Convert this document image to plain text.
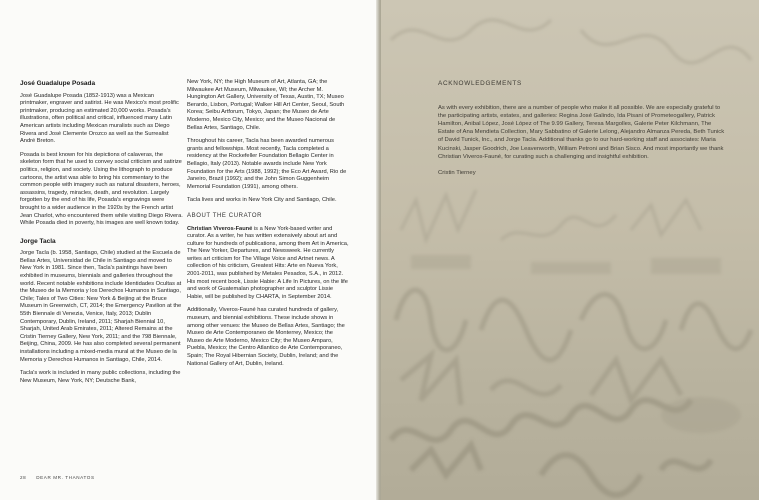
José Guadalupe Posada

José Guadalupe Posada (1852-1913) was a Mexican printmaker, engraver and satirist. He was Mexico's most prolific printmaker, producing an estimated 20,000 works. Posada's illustrations, often political and critical, influenced many Latin American artists including Mexican muralists such as Diego Rivera and José Clemente Orozco as well as the Surrealist André Breton.

Posada is best known for his depictions of calaveras, the skeleton form that he used to convey social criticism and satirize politics, religion, and society. Using the lithograph to produce cartoons, the artist was able to bring his commentary to the common people with imagery such as natural disasters, heroes, assassins, tragedy, miracles, death, and revolution. Largely forgotten by the end of his life, Posada's engravings were brought to a wider audience in the 1920s by the French artist Jean Charlot, who encountered them while visiting Diego Rivera. While Posada died in poverty, his images are well known today.

Jorge Tacla

Jorge Tacla (b. 1958, Santiago, Chile) studied at the Escuela de Bellas Artes, Universidad de Chile in Santiago and moved to New York in 1981. Since then, Tacla's paintings have been exhibited in museums, biennials and galleries throughout the world. Recent notable exhibitions include Identidades Ocultas at the Museo de la Memoria y los Derechos Humanos in Santiago, Chile; Tales of Two Cities: New York & Beijing at the Bruce Museum in Greenwich, CT, 2014; the Emergency Pavilion at the 55th Biennale di Venezia, Venice, Italy, 2013; Dublin Contemporary, Dublin, Ireland, 2011; Sharjah Biennial 10, Sharjah, United Arab Emirates, 2011; Altered Remains at the Cristin Tierney Gallery, New York, 2011; and the 798 Biennale, Beijing, China, 2009. He has also completed several permanent installations including a mixed-media mural at the Museo de la Memoria y Derechos Humanos in Santiago, Chile, 2014.

Tacla's work is included in many public collections, including the New Museum, New York, NY; Deutsche Bank,

New York, NY; the High Museum of Art, Atlanta, GA; the Milwaukee Art Museum, Milwaukee, WI; the Archer M. Hungington Art Gallery, University of Texas, Austin, TX; Museo Berardo, Lisbon, Portugal; Walker Hill Art Center, Seoul, South Korea; Seibu Artforum, Tokyo, Japan; the Museo de Arte Moderno, Mexico City, Mexico; and the Museo Nacional de Bellas Artes, Santiago, Chile.

Throughout his career, Tacla has been awarded numerous grants and fellowships. Most recently, Tacla completed a residency at the Rockefeller Foundation Bellagio Center in Bellagio, Italy (2013). Notable awards include New York Foundation for the Arts (1988, 1992); the Eco Art Award, Rio de Janeiro, Brazil (1992); and the John Simon Guggenheim Memorial Foundation (1991), among others.

Tacla lives and works in New York City and Santiago, Chile.

ABOUT THE CURATOR

Christian Viveros-Fauné is a New York-based writer and curator. As a writer, he has written extensively about art and culture for hundreds of publications, among them Art in America, The New Yorker, Departures, and Newsweek. He currently writes art criticism for The Village Voice and Artnet news. A collection of his criticism, Greatest Hits: Arte en Nueva York, 2001-2011, was published by Metales Pesados, S.A., in 2012. His most recent book, Lissie Habie: A Life In Pictures, on the life and work of Guatemalan photographer and sculptor Lissie Habie, will be published by CHARTA, in September 2014.

Additionally, Viveros-Fauné has curated hundreds of gallery, museum, and biennial exhibitions. These include shows in among other venues: the Museo de Bellas Artes, Santiago; the Museo de Arte Contemporaneo de Monterrey, Mexico; the Museo de Arte Moderno, Mexico City; the Museo Amparo, Puebla, Mexico; the Centro Atlantico de Arte Contemporaneo, Spain; The Royal Hibernian Society, Dublin, Ireland; and the National Gallery of Art, Dublin, Ireland.

28 DEAR MR. THANATOS
ACKNOWLEDGEMENTS

As with every exhibition, there are a number of people who make it all possible. We are especially grateful to the participating artists, estates, and galleries: Regina José Galindo, Ida Pisani of Prometeogallery, Patrick Hamilton, Anibal López, José López of The 9.99 Gallery, Teresa Margolles, Galerie Peter Kilchmann, The Estate of Ana Mendieta Collection, Mary Sabbatino of Galerie Lelong, Alejandro Almanza Pereda, Beth Tunick of David Tunick, Inc., and Jorge Tacla. Additional thanks go to our hard-working staff and associates: Maria Kucinski, Jasper Goodrich, Joe Leavenworth, William Petroni and Brian Sisco. And most importantly we thank Christian Viveros-Fauné, for curating such a challenging and insightful exhibition.

Cristin Tierney
